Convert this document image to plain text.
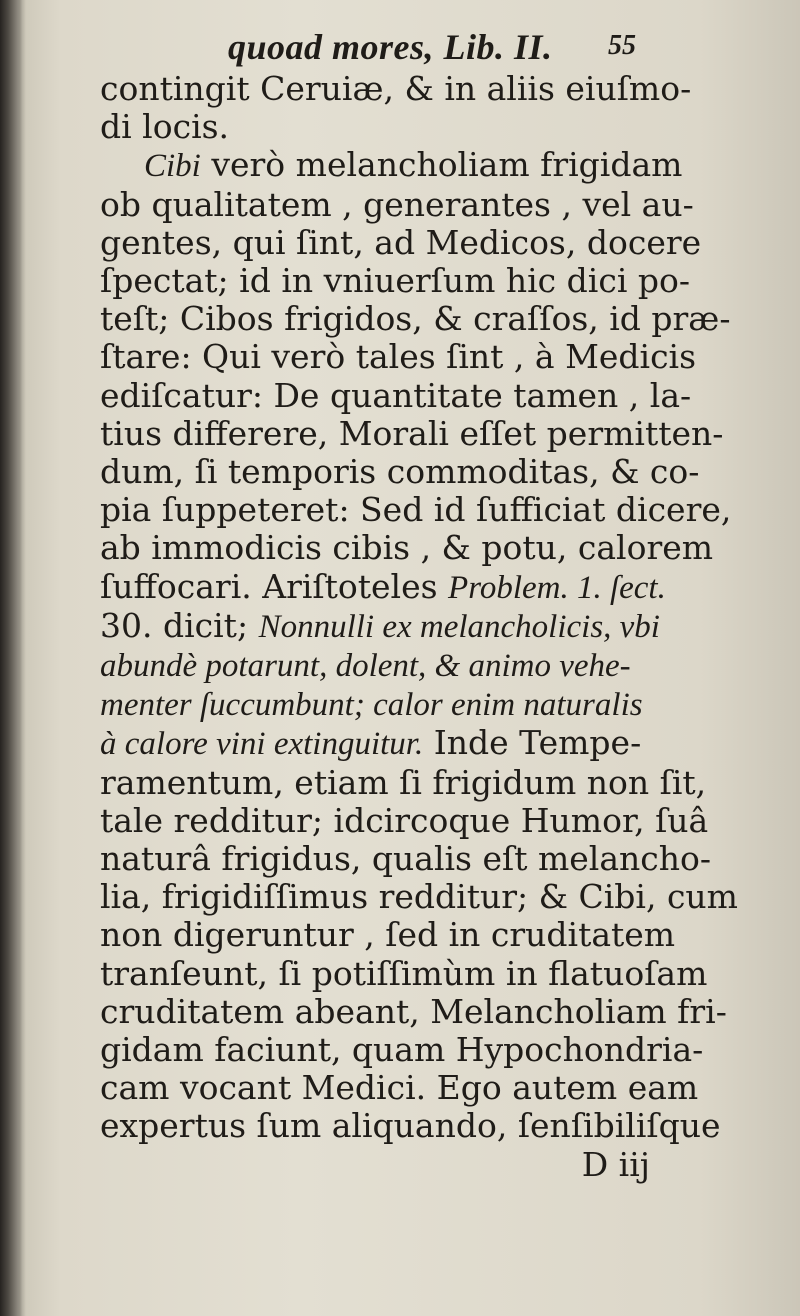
quoad mores, Lib. II. 55
contingit Ceruiæ, & in aliis eiuſmo-
di locis.
Cibi verò melancholiam frigidam
ob qualitatem , generantes , vel au-
gentes, qui ſint, ad Medicos, docere
ſpectat; id in vniuerſum hic dici po-
teſt; Cibos frigidos, & craſſos, id præ-
ſtare: Qui verò tales ſint , à Medicis
ediſcatur: De quantitate tamen , la-
tius differere, Morali eſſet permitten-
dum, ſi temporis commoditas, & co-
pia ſuppeteret: Sed id ſufficiat dicere,
ab immodicis cibis , & potu, calorem
ſuffocari. Ariſtoteles Problem. 1. ſect.
30. dicit; Nonnulli ex melancholicis, vbi
abundè potarunt, dolent, & animo vehe-
menter ſuccumbunt; calor enim naturalis
à calore vini extinguitur. Inde Tempe-
ramentum, etiam ſi frigidum non ſit,
tale redditur; idcircoque Humor, ſuâ
naturâ frigidus, qualis eſt melancho-
lia, frigidiſſimus redditur; & Cibi, cum
non digeruntur , ſed in cruditatem
tranſeunt, ſi potiſſimùm in flatuoſam
cruditatem abeant, Melancholiam fri-
gidam faciunt, quam Hypochondria-
cam vocant Medici. Ego autem eam
expertus ſum aliquando, ſenſibiliſque
D iij
